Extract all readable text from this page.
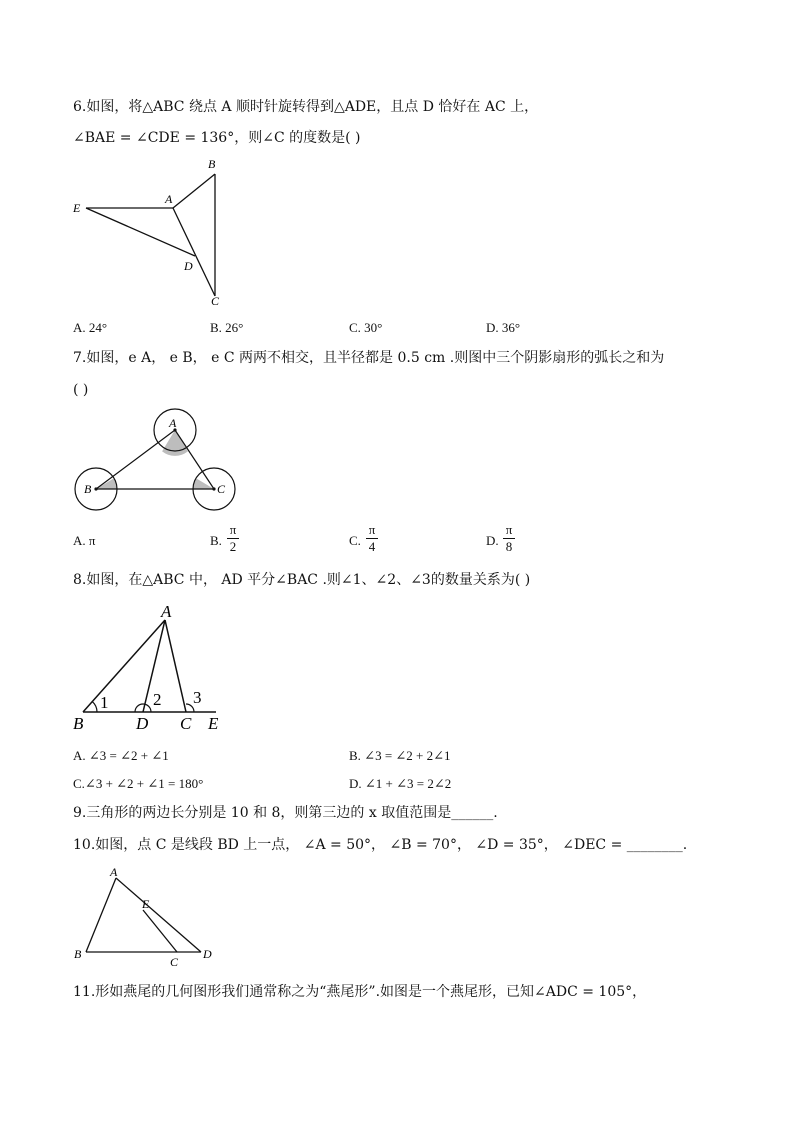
6.如图，将△ABC 绕点 A 顺时针旋转得到△ADE，且点 D 恰好在 AC 上，
∠BAE = ∠CDE = 136°，则∠C 的度数是( )
B
E
A
D
C
A. 24°	B. 26°	C. 30°	D. 36°
7.如图，e A， e B， e C 两两不相交，且半径都是 0.5 cm .则图中三个阴影扇形的弧长之和为
( )
A
B	C
A. π	B. $\frac{\pi}{2}$	C. $\frac{\pi}{4}$	D. $\frac{\pi}{8}$
8.如图，在△ABC 中， AD 平分∠BAC .则∠1、∠2、∠3的数量关系为( )
A
B	D C E
1	2 3
A. ∠3 = ∠2 + ∠1	B. ∠3 = ∠2 + 2∠1
C.∠3 + ∠2 + ∠1 = 180°	D. ∠1 + ∠3 = 2∠2
9.三角形的两边长分别是 10 和 8，则第三边的 x 取值范围是______.
10.如图，点 C 是线段 BD 上一点， ∠A = 50°， ∠B = 70°， ∠D = 35°， ∠DEC = ________.
A
E
B
C
D
11.形如燕尾的几何图形我们通常称之为“燕尾形”.如图是一个燕尾形，已知∠ADC = 105°，
